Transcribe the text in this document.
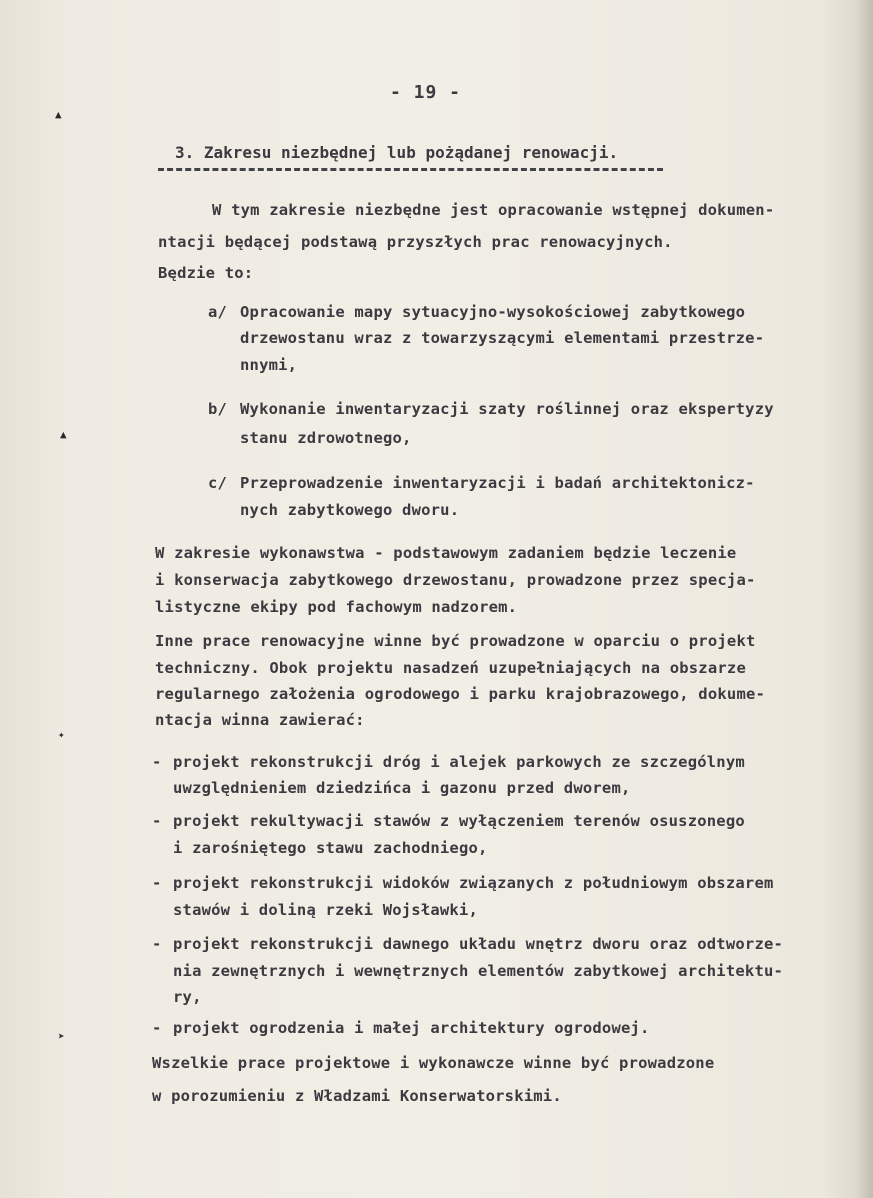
▲
▲
✦
➤
- 19 -
3. Zakresu niezbędnej lub pożądanej renowacji.
W tym zakresie niezbędne jest opracowanie wstępnej dokumen-
ntacji będącej podstawą przyszłych prac renowacyjnych.
Będzie to:
a/ Opracowanie mapy sytuacyjno-wysokościowej zabytkowego
drzewostanu wraz z towarzyszącymi elementami przestrze-
nnymi,
b/ Wykonanie inwentaryzacji szaty roślinnej oraz ekspertyzy
stanu zdrowotnego,
c/ Przeprowadzenie inwentaryzacji i badań architektonicz-
nych zabytkowego dworu.
W zakresie wykonawstwa - podstawowym zadaniem będzie leczenie
i konserwacja zabytkowego drzewostanu, prowadzone przez specja-
listyczne ekipy pod fachowym nadzorem.
Inne prace renowacyjne winne być prowadzone w oparciu o projekt
techniczny. Obok projektu nasadzeń uzupełniających na obszarze
regularnego założenia ogrodowego i parku krajobrazowego, dokume-
ntacja winna zawierać:
- projekt rekonstrukcji dróg i alejek parkowych ze szczególnym
uwzględnieniem dziedzińca i gazonu przed dworem,
- projekt rekultywacji stawów z wyłączeniem terenów osuszonego
i zarośniętego stawu zachodniego,
- projekt rekonstrukcji widoków związanych z południowym obszarem
stawów i doliną rzeki Wojsławki,
- projekt rekonstrukcji dawnego układu wnętrz dworu oraz odtworze-
nia zewnętrznych i wewnętrznych elementów zabytkowej architektu-
ry,
- projekt ogrodzenia i małej architektury ogrodowej.
Wszelkie prace projektowe i wykonawcze winne być prowadzone
w porozumieniu z Władzami Konserwatorskimi.
